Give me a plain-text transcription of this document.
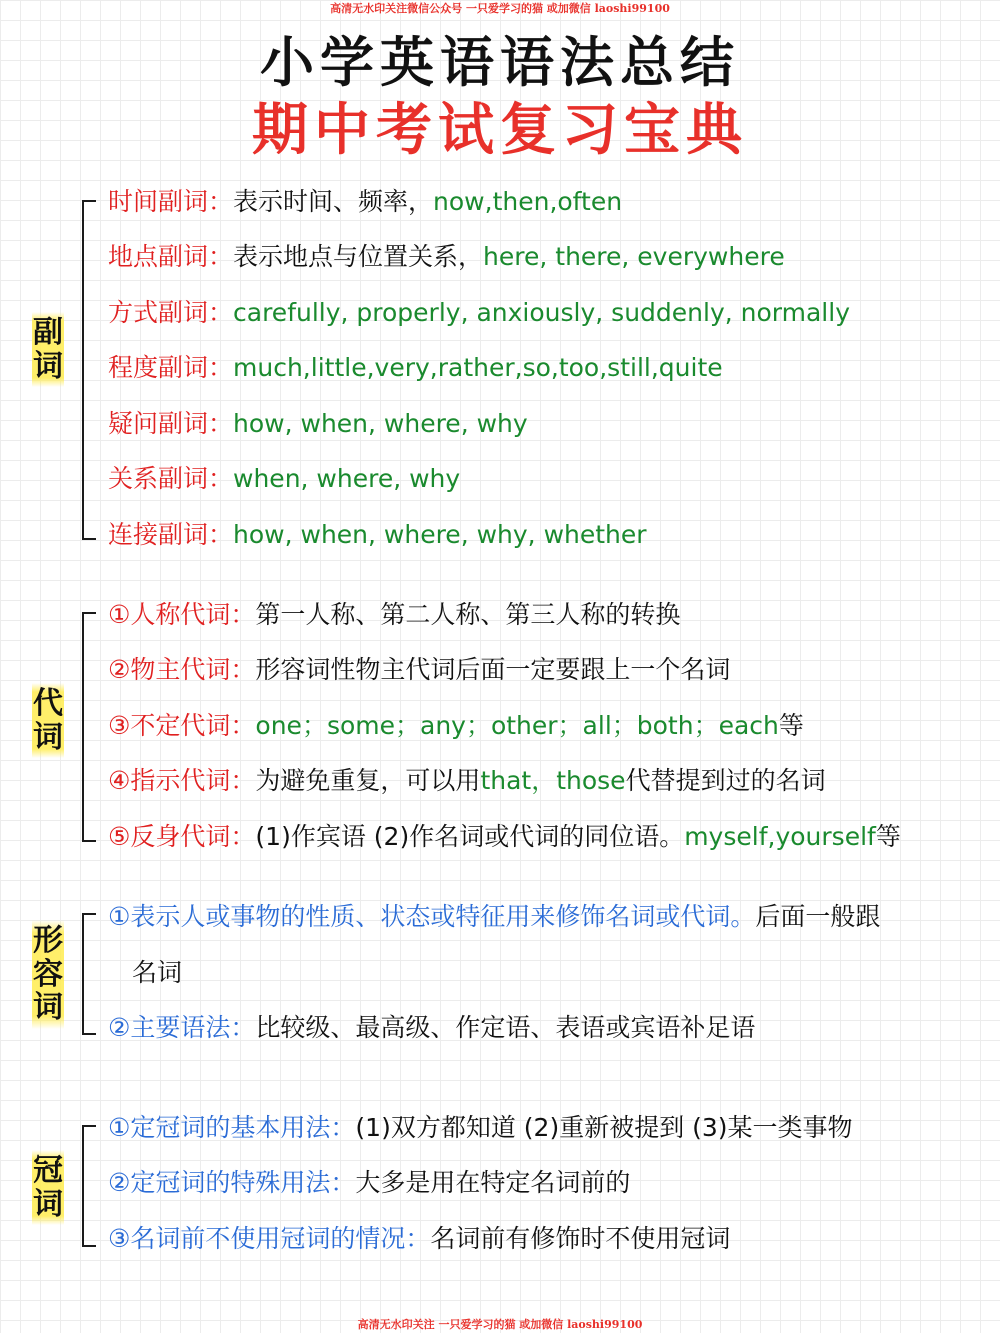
高清无水印关注微信公众号 一只爱学习的猫 或加微信 laoshi99100
小学英语语法总结
期中考试复习宝典
副词
时间副词：表示时间、频率，now,then,often
地点副词：表示地点与位置关系，here, there, everywhere
方式副词：carefully, properly, anxiously, suddenly, normally
程度副词：much,little,very,rather,so,too,still,quite
疑问副词：how, when, where, why
关系副词：when, where, why
连接副词：how, when, where, why, whether
代词
①人称代词：第一人称、第二人称、第三人称的转换
②物主代词：形容词性物主代词后面一定要跟上一个名词
③不定代词：one；some；any；other；all；both；each等
④指示代词：为避免重复，可以用that，those代替提到过的名词
⑤反身代词：(1)作宾语 (2)作名词或代词的同位语。myself,yourself等
形容词
①表示人或事物的性质、状态或特征用来修饰名词或代词。后面一般跟
名词
②主要语法：比较级、最高级、作定语、表语或宾语补足语
冠词
①定冠词的基本用法：(1)双方都知道 (2)重新被提到 (3)某一类事物
②定冠词的特殊用法：大多是用在特定名词前的
③名词前不使用冠词的情况：名词前有修饰时不使用冠词
高清无水印关注 一只爱学习的猫 或加微信 laoshi99100
